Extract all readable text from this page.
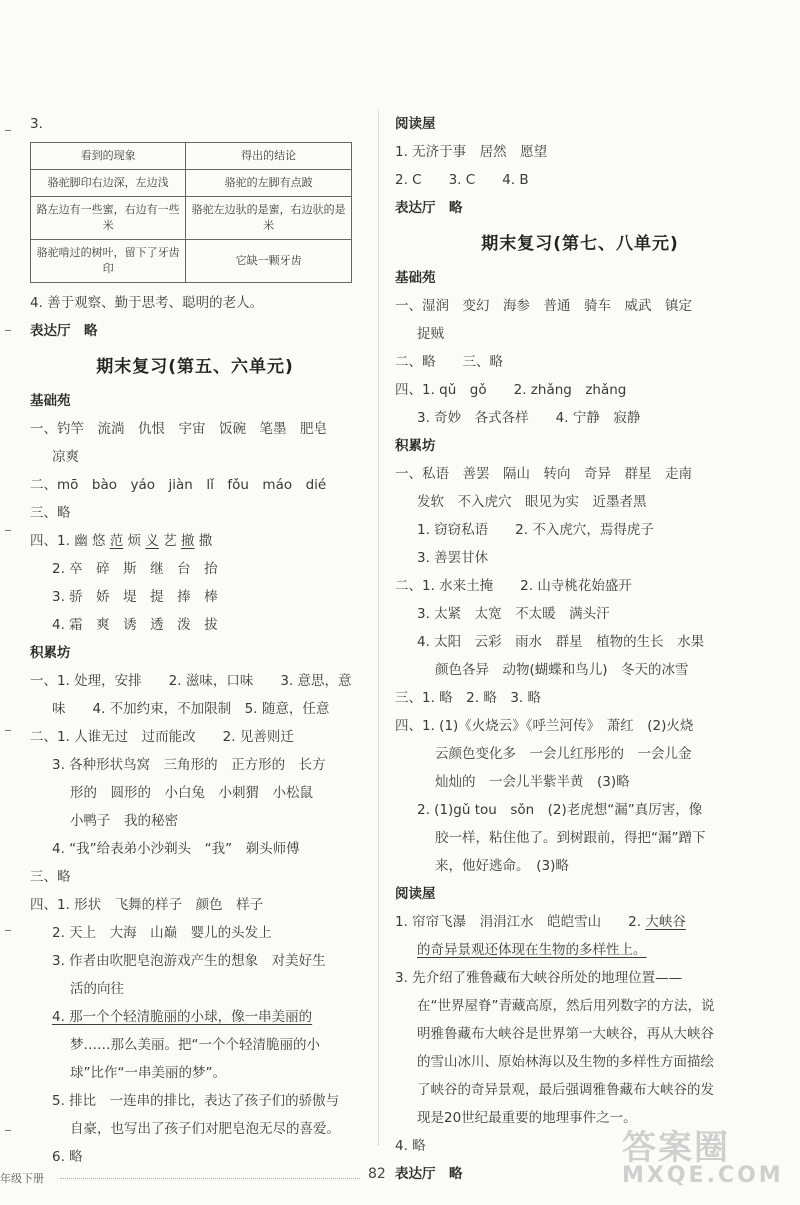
3.
看到的现象	得出的结论
骆驼脚印右边深，左边浅	骆驼的左脚有点跛
路左边有一些蜜，右边有一些米	骆驼左边驮的是蜜，右边驮的是米
骆驼啃过的树叶，留下了牙齿印	它缺一颗牙齿
4. 善于观察、勤于思考、聪明的老人。
表达厅　略
期末复习(第五、六单元)
基础苑
一、钓竿　流淌　仇恨　宇宙　饭碗　笔墨　肥皂
凉爽
二、mō　bào　yáo　jiàn　lǐ　fǒu　máo　dié
三、略
四、1. 幽 悠 范 烦 义 艺 撤 撒
2. 卒　碎　斯　继　台　抬
3. 骄　娇　堤　提　捧　棒
4. 霜　爽　诱　透　泼　拔
积累坊
一、1. 处理，安排　　2. 滋味，口味　　3. 意思，意
味　　4. 不加约束，不加限制　5. 随意，任意
二、1. 人谁无过　过而能改　　2. 见善则迁
3. 各种形状鸟窝　三角形的　正方形的　长方
形的　圆形的　小白兔　小刺猬　小松鼠
小鸭子　我的秘密
4. “我”给表弟小沙剃头　“我”　剃头师傅
三、略
四、1. 形状　飞舞的样子　颜色　样子
2. 天上　大海　山巅　婴儿的头发上
3. 作者由吹肥皂泡游戏产生的想象　对美好生
活的向往
4. 那一个个轻清脆丽的小球，像一串美丽的
梦……那么美丽。把“一个个轻清脆丽的小
球”比作“一串美丽的梦”。
5. 排比　一连串的排比，表达了孩子们的骄傲与
自豪，也写出了孩子们对肥皂泡无尽的喜爱。
6. 略
阅读屋
1. 无济于事　居然　愿望
2. C　　3. C　　4. B
表达厅　略
期末复习(第七、八单元)
基础苑
一、湿润　变幻　海参　普通　骑车　威武　镇定
捉贼
二、略　　三、略
四、1. qǔ　gǒ　　2. zhǎng　zhǎng
3. 奇妙　各式各样　　4. 宁静　寂静
积累坊
一、私语　善罢　隔山　转向　奇异　群星　走南
发软　不入虎穴　眼见为实　近墨者黑
1. 窃窃私语　　2. 不入虎穴，焉得虎子
3. 善罢甘休
二、1. 水来土掩　　2. 山寺桃花始盛开
3. 太紧　太宽　不太暖　满头汗
4. 太阳　云彩　雨水　群星　植物的生长　水果
颜色各异　动物(蝴蝶和鸟儿)　冬天的冰雪
三、1. 略　2. 略　3. 略
四、1. (1)《火烧云》《呼兰河传》　萧红　(2)火烧
云颜色变化多　一会儿红彤彤的　一会儿金
灿灿的　一会儿半紫半黄　(3)略
2. (1)gǔ tou　sǒn　(2)老虎想“漏”真厉害，像
胶一样，粘住他了。到树跟前，得把“漏”蹭下
来，他好逃命。　(3)略
阅读屋
1. 帘帘飞瀑　涓涓江水　皑皑雪山　　2. 大峡谷
的奇异景观还体现在生物的多样性上。
3. 先介绍了雅鲁藏布大峡谷所处的地理位置——
在“世界屋脊”青藏高原，然后用列数字的方法，说
明雅鲁藏布大峡谷是世界第一大峡谷，再从大峡谷
的雪山冰川、原始林海以及生物的多样性方面描绘
了峡谷的奇异景观，最后强调雅鲁藏布大峡谷的发
现是20世纪最重要的地理事件之一。
4. 略
表达厅　略
年级下册	82
答案圈
MXQE.COM
